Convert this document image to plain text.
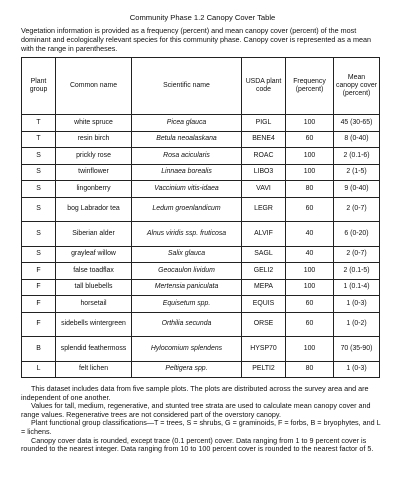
Community Phase 1.2 Canopy Cover Table
Vegetation information is provided as a frequency (percent) and mean canopy cover (percent) of the most dominant and ecologically relevant species for this community phase. Canopy cover is represented as a mean with the range in parentheses.
Plant group	Common name	Scientific name	USDA plant code	Frequency (percent)	Mean canopy cover (percent)
T	white spruce	Picea glauca	PIGL	100	45 (30-65)
T	resin birch	Betula neoalaskana	BENE4	60	8 (0-40)
S	prickly rose	Rosa acicularis	ROAC	100	2 (0.1-6)
S	twinflower	Linnaea borealis	LIBO3	100	2 (1-5)
S	lingonberry	Vaccinium vitis-idaea	VAVI	80	9 (0-40)
S	bog Labrador tea	Ledum groenlandicum	LEGR	60	2 (0-7)
S	Siberian alder	Alnus viridis ssp. fruticosa	ALVIF	40	6 (0-20)
S	grayleaf willow	Salix glauca	SAGL	40	2 (0-7)
F	false toadflax	Geocaulon lividum	GELI2	100	2 (0.1-5)
F	tall bluebells	Mertensia paniculata	MEPA	100	1 (0.1-4)
F	horsetail	Equisetum spp.	EQUIS	60	1 (0-3)
F	sidebells wintergreen	Orthilia secunda	ORSE	60	1 (0-2)
B	splendid feathermoss	Hylocomium splendens	HYSP70	100	70 (35-90)
L	felt lichen	Peltigera spp.	PELTI2	80	1 (0-3)

This dataset includes data from five sample plots. The plots are distributed across the survey area and are independent of one another.

Values for tall, medium, regenerative, and stunted tree strata are used to calculate mean canopy cover and range values. Regenerative trees are not considered part of the overstory canopy.

Plant functional group classifications—T = trees, S = shrubs, G = graminoids, F = forbs, B = bryophytes, and L = lichens.

Canopy cover data is rounded, except trace (0.1 percent) cover. Data ranging from 1 to 9 percent cover is rounded to the nearest integer. Data ranging from 10 to 100 percent cover is rounded to the nearest factor of 5.
